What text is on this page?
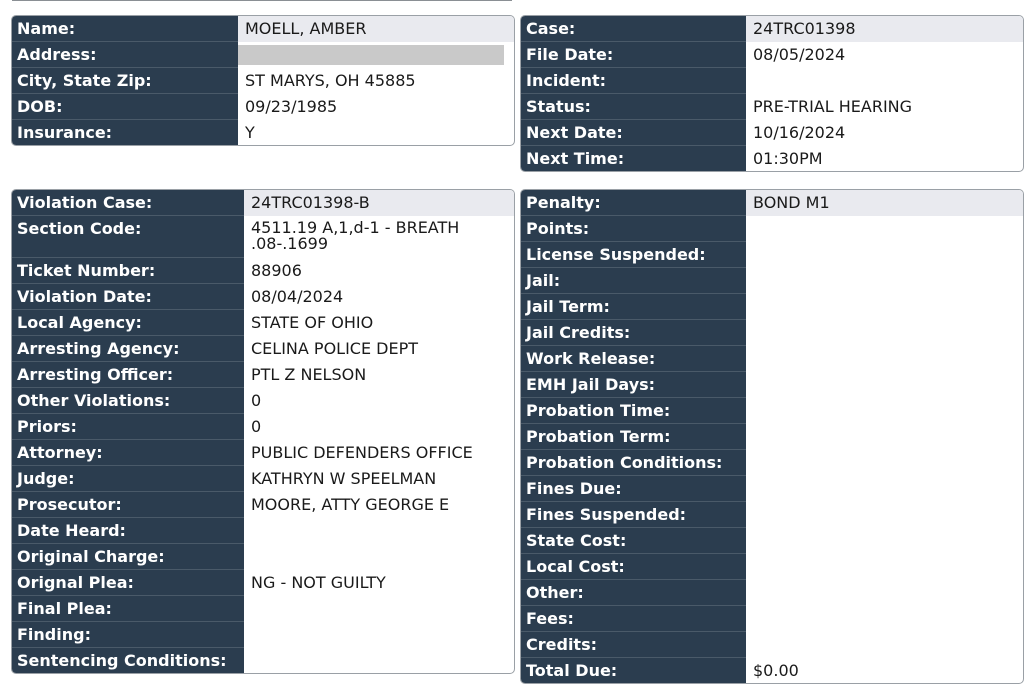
Name:	MOELL, AMBER
Address:
City, State Zip:	ST MARYS, OH 45885
DOB:	09/23/1985
Insurance:	Y
Case:	24TRC01398
File Date:	08/05/2024
Incident:
Status:	PRE-TRIAL HEARING
Next Date:	10/16/2024
Next Time:	01:30PM
Violation Case:	24TRC01398-B
Section Code:	4511.19 A,1,d-1 - BREATH .08-.1699
Ticket Number:	88906
Violation Date:	08/04/2024
Local Agency:	STATE OF OHIO
Arresting Agency:	CELINA POLICE DEPT
Arresting Officer:	PTL Z NELSON
Other Violations:	0
Priors:	0
Attorney:	PUBLIC DEFENDERS OFFICE
Judge:	KATHRYN W SPEELMAN
Prosecutor:	MOORE, ATTY GEORGE E
Date Heard:
Original Charge:
Orignal Plea:	NG - NOT GUILTY
Final Plea:
Finding:
Sentencing Conditions:
Penalty:	BOND M1
Points:
License Suspended:
Jail:
Jail Term:
Jail Credits:
Work Release:
EMH Jail Days:
Probation Time:
Probation Term:
Probation Conditions:
Fines Due:
Fines Suspended:
State Cost:
Local Cost:
Other:
Fees:
Credits:
Total Due:	$0.00
